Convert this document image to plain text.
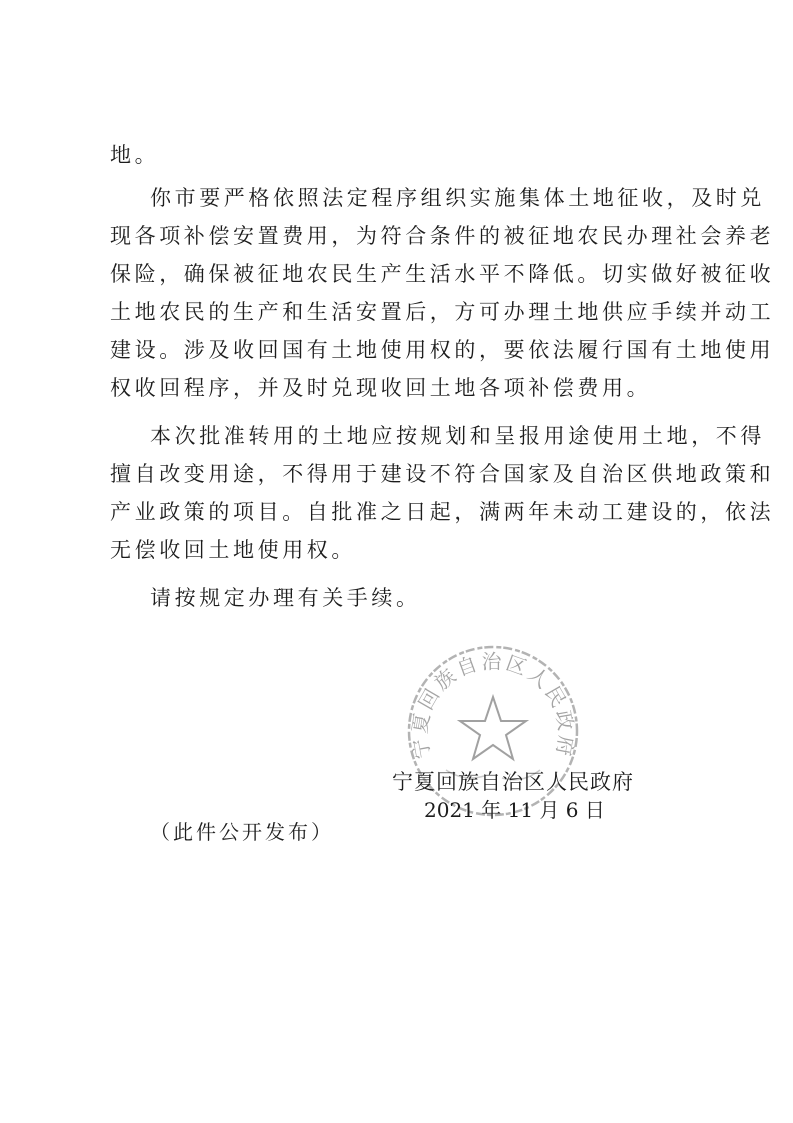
地。
你市要严格依照法定程序组织实施集体土地征收，及时兑
现各项补偿安置费用，为符合条件的被征地农民办理社会养老
保险，确保被征地农民生产生活水平不降低。切实做好被征收
土地农民的生产和生活安置后，方可办理土地供应手续并动工
建设。涉及收回国有土地使用权的，要依法履行国有土地使用
权收回程序，并及时兑现收回土地各项补偿费用。
本次批准转用的土地应按规划和呈报用途使用土地，不得
擅自改变用途，不得用于建设不符合国家及自治区供地政策和
产业政策的项目。自批准之日起，满两年未动工建设的，依法
无偿收回土地使用权。
请按规定办理有关手续。
宁夏回族自治区人民政府
宁夏回族自治区人民政府
2021 年 11 月 6 日
（此件公开发布）
